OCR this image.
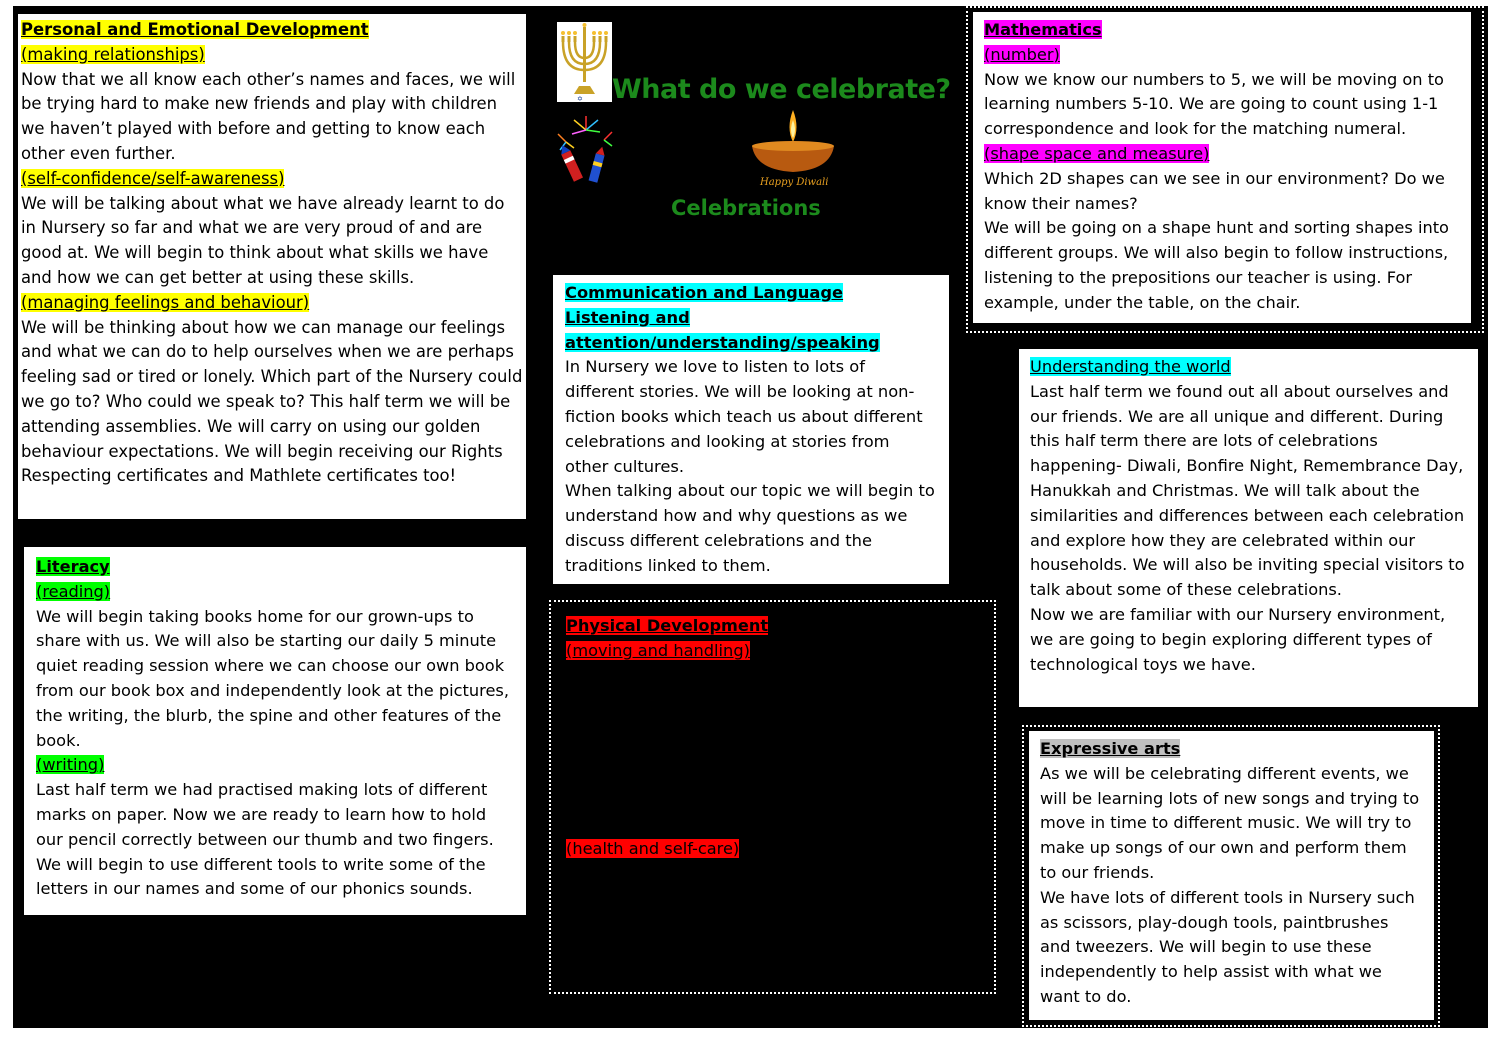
Personal and Emotional Development

(making relationships)

Now that we all know each other’s names and faces, we will be trying hard to make new friends and play with children we haven’t played with before and getting to know each other even further.

(self-confidence/self-awareness)

We will be talking about what we have already learnt to do in Nursery so far and what we are very proud of and are good at. We will begin to think about what skills we have and how we can get better at using these skills.

(managing feelings and behaviour)

We will be thinking about how we can manage our feelings and what we can do to help ourselves when we are perhaps feeling sad or tired or lonely. Which part of the Nursery could we go to? Who could we speak to? This half term we will be attending assemblies. We will carry on using our golden behaviour expectations. We will begin receiving our Rights Respecting certificates and Mathlete certificates too!

Literacy

(reading)

We will begin taking books home for our grown-ups to share with us. We will also be starting our daily 5 minute quiet reading session where we can choose our own book from our book box and independently look at the pictures, the writing, the blurb, the spine and other features of the book.

(writing)

Last half term we had practised making lots of different marks on paper. Now we are ready to learn how to hold our pencil correctly between our thumb and two fingers. We will begin to use different tools to write some of the letters in our names and some of our phonics sounds.

✡ What do we celebrate?
Happy Diwali
Celebrations

Communication and Language

Listening and

attention/understanding/speaking

In Nursery we love to listen to lots of different stories. We will be looking at non-fiction books which teach us about different celebrations and looking at stories from other cultures.

When talking about our topic we will begin to understand how and why questions as we discuss different celebrations and the traditions linked to them.

Physical Development
(moving and handling)
(health and self-care)

Mathematics

(number)

Now we know our numbers to 5, we will be moving on to learning numbers 5-10. We are going to count using 1-1 correspondence and look for the matching numeral.

(shape space and measure)

Which 2D shapes can we see in our environment? Do we know their names?

We will be going on a shape hunt and sorting shapes into different groups. We will also begin to follow instructions, listening to the prepositions our teacher is using. For example, under the table, on the chair.

Understanding the world

Last half term we found out all about ourselves and our friends. We are all unique and different. During this half term there are lots of celebrations happening- Diwali, Bonfire Night, Remembrance Day, Hanukkah and Christmas. We will talk about the similarities and differences between each celebration and explore how they are celebrated within our households. We will also be inviting special visitors to talk about some of these celebrations.

Now we are familiar with our Nursery environment, we are going to begin exploring different types of technological toys we have.

Expressive arts

As we will be celebrating different events, we will be learning lots of new songs and trying to move in time to different music. We will try to make up songs of our own and perform them to our friends.

We have lots of different tools in Nursery such as scissors, play-dough tools, paintbrushes and tweezers. We will begin to use these independently to help assist with what we want to do.
